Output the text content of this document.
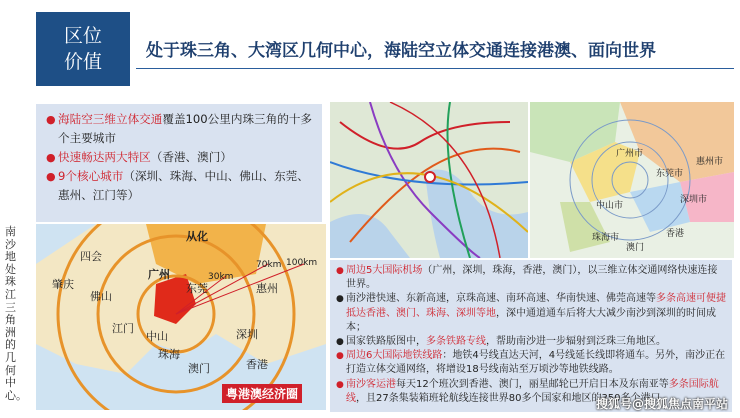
区位
价值	处于珠三角、大湾区几何中心，海陆空立体交通连接港澳、面向世界
● 海陆空三维立体交通覆盖100公里内珠三角的十多个主要城市
● 快速畅达两大特区（香港、澳门）
● 9个核心城市（深圳、珠海、中山、佛山、东莞、惠州、江门等）
广州市
深圳市
东莞市
惠州市
珠海市
中山市
香港
澳门
南沙地处珠江三角洲的几何中心。
从化
四会
肇庆
广州
佛山
东莞	惠州
江门
中山	深圳
珠海
香港
澳门
30km
70km 100km
粤港澳经济圈
● 周边5大国际机场（广州，深圳，珠海，香港，澳门），以三维立体交通网络快速连接世界。
● 南沙港快速、东新高速，京珠高速、南环高速、华南快速、佛莞高速等多条高速可便捷抵达香港、澳门、珠海、深圳等地，深中通道通车后将大大减少南沙到深圳的时间成本；
● 国家铁路版图中，多条铁路专线，帮助南沙进一步辐射到泛珠三角地区。
● 周边6大国际地铁线路：地铁4号线直达天河，4号线延长线即将通车。另外，南沙正在打造立体交通网络，将增设18号线南站至万顷沙等地铁线路。
● 南沙客运港每天12个班次到香港、澳门，丽星邮轮已开启日本及东南亚等多条国际航线，且27条集装箱班轮航线连接世界80多个国家和地区的350多个港口
搜狐号@搜狐焦点南平站
